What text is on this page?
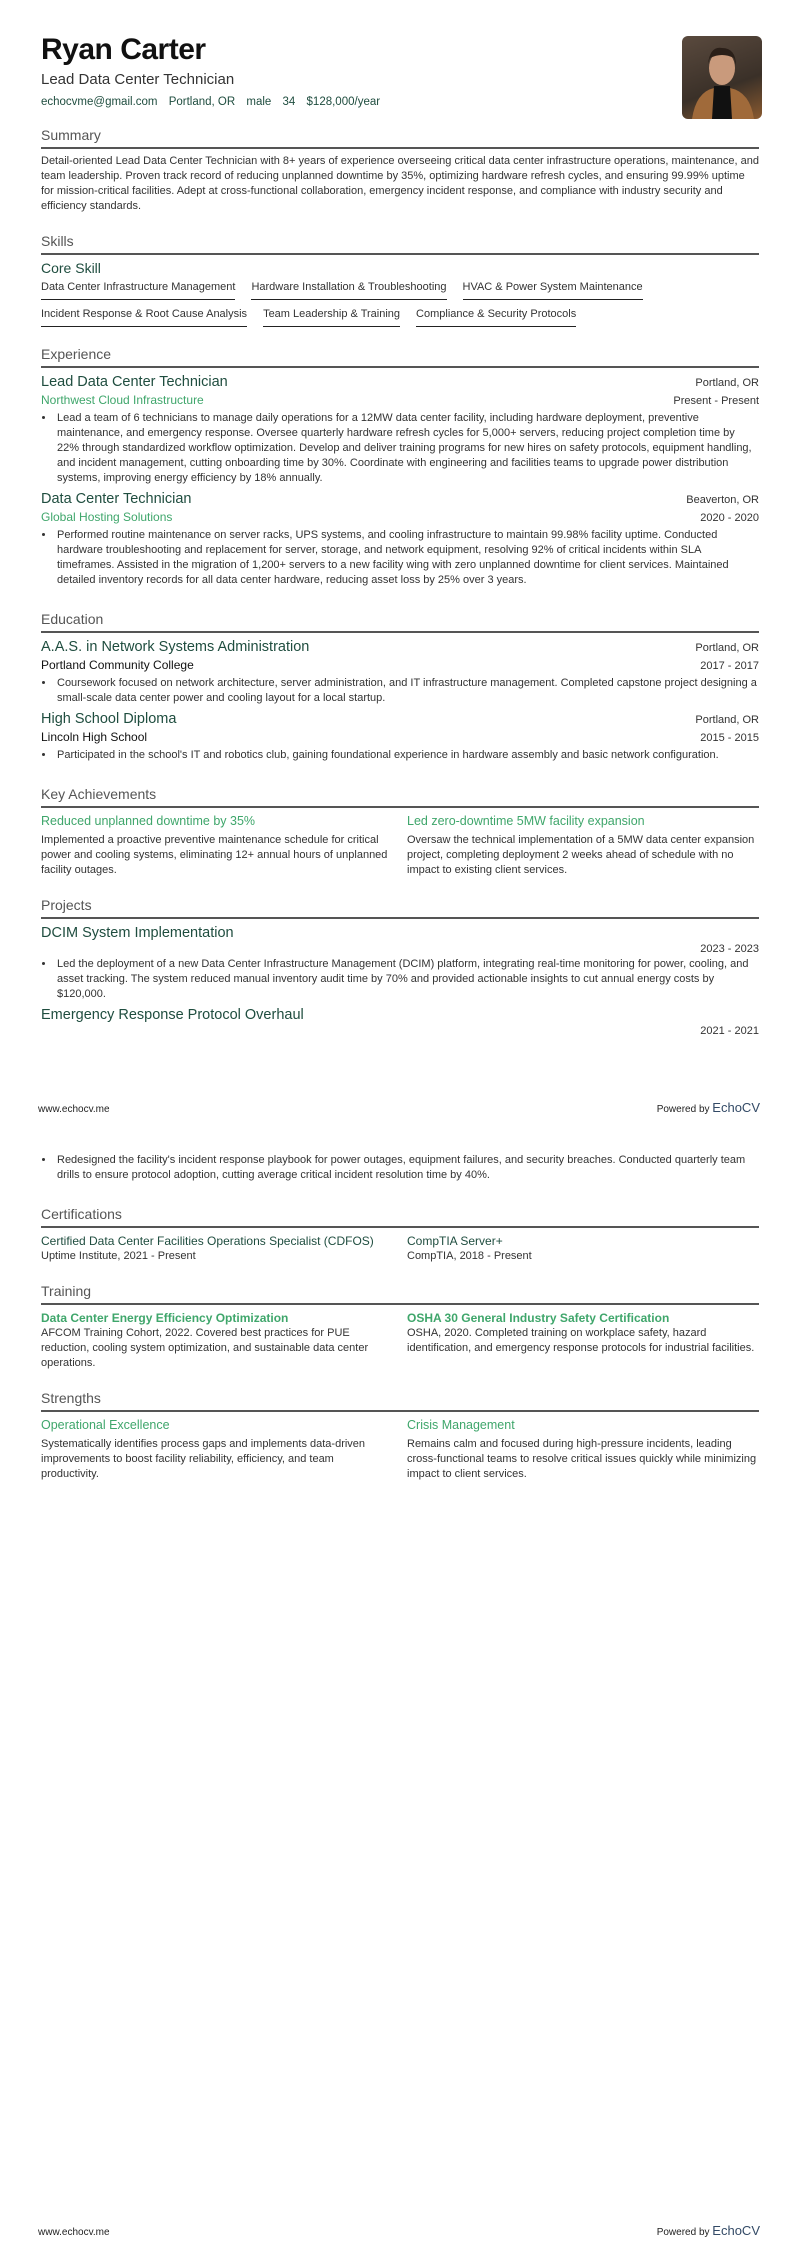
Ryan Carter
Lead Data Center Technician
echocvme@gmail.com Portland, OR male 34 $128,000/year
Summary
Detail-oriented Lead Data Center Technician with 8+ years of experience overseeing critical data center infrastructure operations, maintenance, and team leadership. Proven track record of reducing unplanned downtime by 35%, optimizing hardware refresh cycles, and ensuring 99.99% uptime for mission-critical facilities. Adept at cross-functional collaboration, emergency incident response, and compliance with industry security and efficiency standards.
Skills
Core Skill
Data Center Infrastructure Management Hardware Installation & Troubleshooting HVAC & Power System Maintenance
Incident Response & Root Cause Analysis Team Leadership & Training Compliance & Security Protocols
Experience
Lead Data Center Technician	Portland, OR
Northwest Cloud Infrastructure	Present - Present
• Lead a team of 6 technicians to manage daily operations for a 12MW data center facility, including hardware deployment, preventive maintenance, and emergency response. Oversee quarterly hardware refresh cycles for 5,000+ servers, reducing project completion time by 22% through standardized workflow optimization. Develop and deliver training programs for new hires on safety protocols, equipment handling, and incident management, cutting onboarding time by 30%. Coordinate with engineering and facilities teams to upgrade power distribution systems, improving energy efficiency by 18% annually.
Data Center Technician	Beaverton, OR
Global Hosting Solutions	2020 - 2020
• Performed routine maintenance on server racks, UPS systems, and cooling infrastructure to maintain 99.98% facility uptime. Conducted hardware troubleshooting and replacement for server, storage, and network equipment, resolving 92% of critical incidents within SLA timeframes. Assisted in the migration of 1,200+ servers to a new facility wing with zero unplanned downtime for client services. Maintained detailed inventory records for all data center hardware, reducing asset loss by 25% over 3 years.
Education
A.A.S. in Network Systems Administration	Portland, OR
Portland Community College	2017 - 2017
• Coursework focused on network architecture, server administration, and IT infrastructure management. Completed capstone project designing a small-scale data center power and cooling layout for a local startup.
High School Diploma	Portland, OR
Lincoln High School	2015 - 2015
• Participated in the school's IT and robotics club, gaining foundational experience in hardware assembly and basic network configuration.
Key Achievements
Reduced unplanned downtime by 35%
Implemented a proactive preventive maintenance schedule for critical power and cooling systems, eliminating 12+ annual hours of unplanned facility outages.
Led zero-downtime 5MW facility expansion
Oversaw the technical implementation of a 5MW data center expansion project, completing deployment 2 weeks ahead of schedule with no impact to existing client services.
Projects
DCIM System Implementation
2023 - 2023
• Led the deployment of a new Data Center Infrastructure Management (DCIM) platform, integrating real-time monitoring for power, cooling, and asset tracking. The system reduced manual inventory audit time by 70% and provided actionable insights to cut annual energy costs by $120,000.
Emergency Response Protocol Overhaul
2021 - 2021
www.echocv.me	Powered by EchoCV
• Redesigned the facility's incident response playbook for power outages, equipment failures, and security breaches. Conducted quarterly team drills to ensure protocol adoption, cutting average critical incident resolution time by 40%.
Certifications
Certified Data Center Facilities Operations Specialist (CDFOS)
Uptime Institute, 2021 - Present
CompTIA Server+
CompTIA, 2018 - Present
Training
Data Center Energy Efficiency Optimization
AFCOM Training Cohort, 2022. Covered best practices for PUE reduction, cooling system optimization, and sustainable data center operations.
OSHA 30 General Industry Safety Certification
OSHA, 2020. Completed training on workplace safety, hazard identification, and emergency response protocols for industrial facilities.
Strengths
Operational Excellence
Systematically identifies process gaps and implements data-driven improvements to boost facility reliability, efficiency, and team productivity.
Crisis Management
Remains calm and focused during high-pressure incidents, leading cross-functional teams to resolve critical issues quickly while minimizing impact to client services.
www.echocv.me	Powered by EchoCV
